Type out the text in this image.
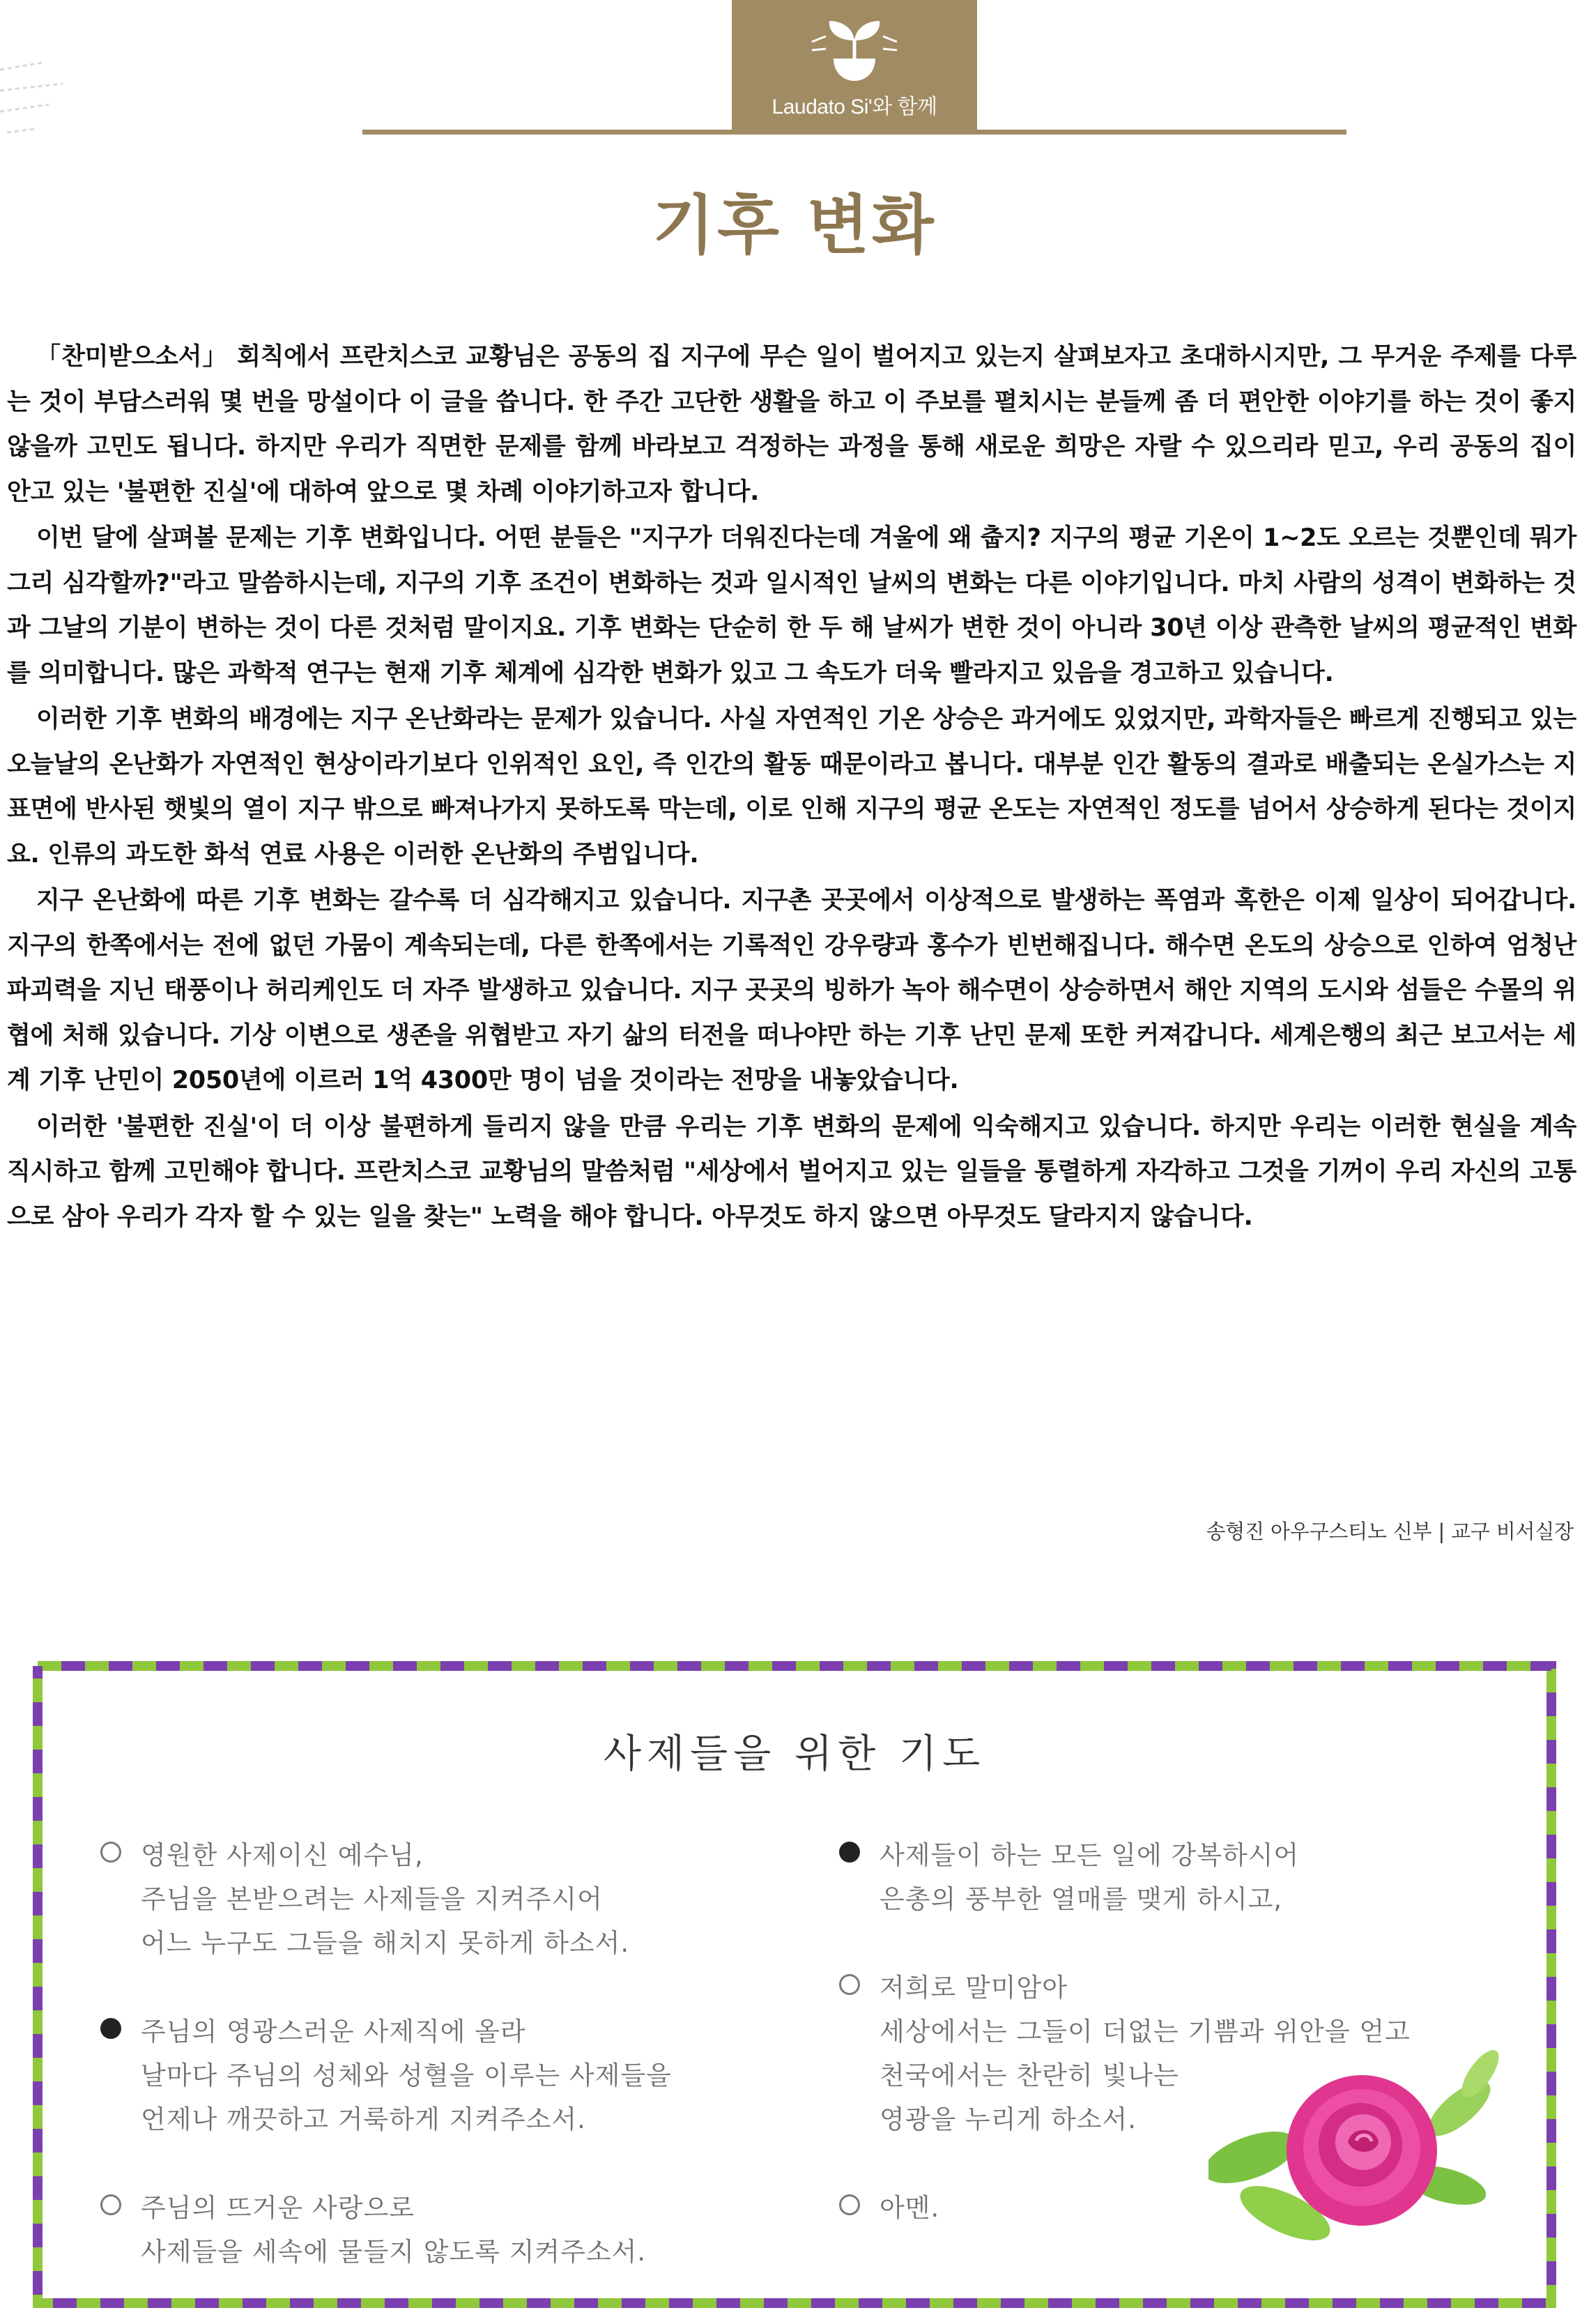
Laudato Si'와 함께
기후 변화

「찬미받으소서」 회칙에서 프란치스코 교황님은 공동의 집 지구에 무슨 일이 벌어지고 있는지 살펴보자고 초대하시지만, 그 무거운 주제를 다루는 것이 부담스러워 몇 번을 망설이다 이 글을 씁니다. 한 주간 고단한 생활을 하고 이 주보를 펼치시는 분들께 좀 더 편안한 이야기를 하는 것이 좋지 않을까 고민도 됩니다. 하지만 우리가 직면한 문제를 함께 바라보고 걱정하는 과정을 통해 새로운 희망은 자랄 수 있으리라 믿고, 우리 공동의 집이 안고 있는 '불편한 진실'에 대하여 앞으로 몇 차례 이야기하고자 합니다.

이번 달에 살펴볼 문제는 기후 변화입니다. 어떤 분들은 "지구가 더워진다는데 겨울에 왜 춥지? 지구의 평균 기온이 1~2도 오르는 것뿐인데 뭐가 그리 심각할까?"라고 말씀하시는데, 지구의 기후 조건이 변화하는 것과 일시적인 날씨의 변화는 다른 이야기입니다. 마치 사람의 성격이 변화하는 것과 그날의 기분이 변하는 것이 다른 것처럼 말이지요. 기후 변화는 단순히 한 두 해 날씨가 변한 것이 아니라 30년 이상 관측한 날씨의 평균적인 변화를 의미합니다. 많은 과학적 연구는 현재 기후 체계에 심각한 변화가 있고 그 속도가 더욱 빨라지고 있음을 경고하고 있습니다.

이러한 기후 변화의 배경에는 지구 온난화라는 문제가 있습니다. 사실 자연적인 기온 상승은 과거에도 있었지만, 과학자들은 빠르게 진행되고 있는 오늘날의 온난화가 자연적인 현상이라기보다 인위적인 요인, 즉 인간의 활동 때문이라고 봅니다. 대부분 인간 활동의 결과로 배출되는 온실가스는 지표면에 반사된 햇빛의 열이 지구 밖으로 빠져나가지 못하도록 막는데, 이로 인해 지구의 평균 온도는 자연적인 정도를 넘어서 상승하게 된다는 것이지요. 인류의 과도한 화석 연료 사용은 이러한 온난화의 주범입니다.

지구 온난화에 따른 기후 변화는 갈수록 더 심각해지고 있습니다. 지구촌 곳곳에서 이상적으로 발생하는 폭염과 혹한은 이제 일상이 되어갑니다. 지구의 한쪽에서는 전에 없던 가뭄이 계속되는데, 다른 한쪽에서는 기록적인 강우량과 홍수가 빈번해집니다. 해수면 온도의 상승으로 인하여 엄청난 파괴력을 지닌 태풍이나 허리케인도 더 자주 발생하고 있습니다. 지구 곳곳의 빙하가 녹아 해수면이 상승하면서 해안 지역의 도시와 섬들은 수몰의 위협에 처해 있습니다. 기상 이변으로 생존을 위협받고 자기 삶의 터전을 떠나야만 하는 기후 난민 문제 또한 커져갑니다. 세계은행의 최근 보고서는 세계 기후 난민이 2050년에 이르러 1억 4300만 명이 넘을 것이라는 전망을 내놓았습니다.

이러한 '불편한 진실'이 더 이상 불편하게 들리지 않을 만큼 우리는 기후 변화의 문제에 익숙해지고 있습니다. 하지만 우리는 이러한 현실을 계속 직시하고 함께 고민해야 합니다. 프란치스코 교황님의 말씀처럼 "세상에서 벌어지고 있는 일들을 통렬하게 자각하고 그것을 기꺼이 우리 자신의 고통으로 삼아 우리가 각자 할 수 있는 일을 찾는" 노력을 해야 합니다. 아무것도 하지 않으면 아무것도 달라지지 않습니다.

송형진 아우구스티노 신부 | 교구 비서실장
사제들을 위한 기도
영원한 사제이신 예수님,
주님을 본받으려는 사제들을 지켜주시어
어느 누구도 그들을 해치지 못하게 하소서.
주님의 영광스러운 사제직에 올라
날마다 주님의 성체와 성혈을 이루는 사제들을
언제나 깨끗하고 거룩하게 지켜주소서.
주님의 뜨거운 사랑으로
사제들을 세속에 물들지 않도록 지켜주소서.
사제들이 하는 모든 일에 강복하시어
은총의 풍부한 열매를 맺게 하시고,
저희로 말미암아
세상에서는 그들이 더없는 기쁨과 위안을 얻고
천국에서는 찬란히 빛나는
영광을 누리게 하소서.
아멘.
